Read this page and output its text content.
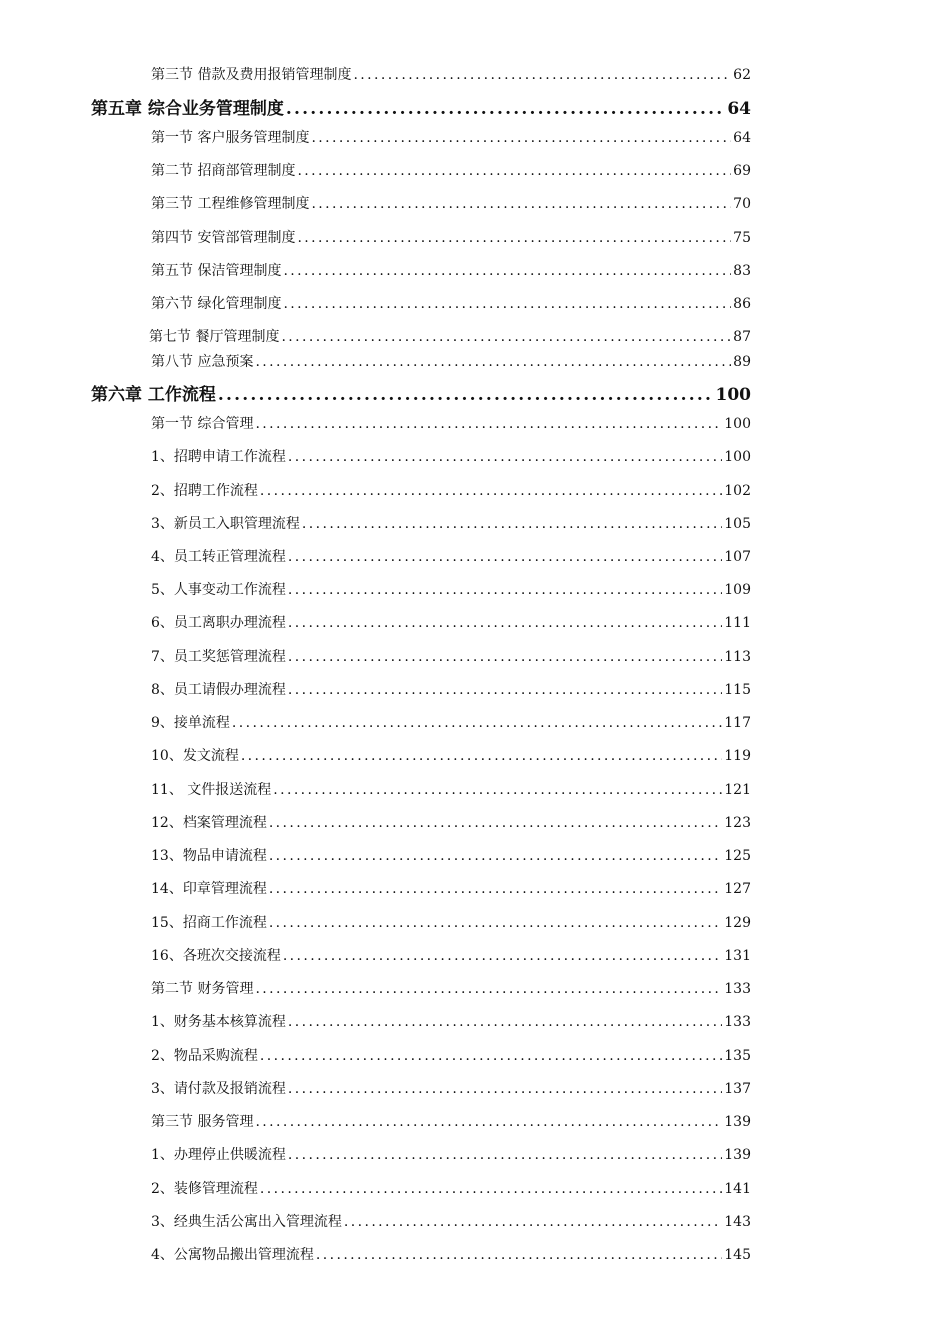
第三节 借款及费用报销管理制度 .....	62
第五章 综合业务管理制度 .....	64
第一节 客户服务管理制度 .....	64
第二节 招商部管理制度 .....	69
第三节 工程维修管理制度 .....	70
第四节 安管部管理制度 .....	75
第五节 保洁管理制度 .....	83
第六节 绿化管理制度 .....	86
第七节 餐厅管理制度 .....	87
第八节 应急预案 .....	89
第六章 工作流程 .....	100
第一节 综合管理 .....	100
1、招聘申请工作流程 .....	100
2、招聘工作流程 .....	102
3、新员工入职管理流程 .....	105
4、员工转正管理流程 .....	107
5、人事变动工作流程 .....	109
6、员工离职办理流程 .....	111
7、员工奖惩管理流程 .....	113
8、员工请假办理流程 .....	115
9、接单流程 .....	117
10、发文流程 .....	119
11、 文件报送流程 .....	121
12、档案管理流程 .....	123
13、物品申请流程 .....	125
14、印章管理流程 .....	127
15、招商工作流程 .....	129
16、各班次交接流程 .....	131
第二节 财务管理 .....	133
1、财务基本核算流程 .....	133
2、物品采购流程 .....	135
3、请付款及报销流程 .....	137
第三节 服务管理 .....	139
1、办理停止供暖流程 .....	139
2、装修管理流程 .....	141
3、经典生活公寓出入管理流程 .....	143
4、公寓物品搬出管理流程 .....	145
